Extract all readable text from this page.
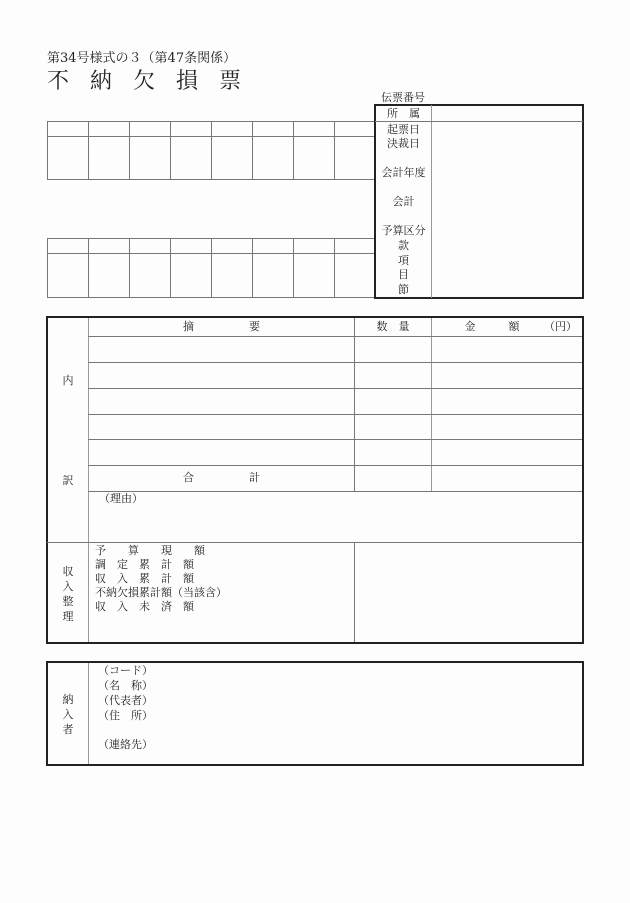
第34号様式の３（第47条関係）
不 納 欠 損 票
伝票番号
所　属
起票日
決裁日
会計年度
会計
予算区分
款
項
目
節
内
訳
摘　　　　　要	数　量	金　　　額	（円）
合　　　　　計
（理由）
収
入
整
理
予　　算　　現　　額
調　定　累　計　額
収　入　累　計　額
不納欠損累計額（当該含）
収　入　未　済　額
納
入
者
（コード）
（名　称）
（代表者）
（住　所）
（連絡先）
